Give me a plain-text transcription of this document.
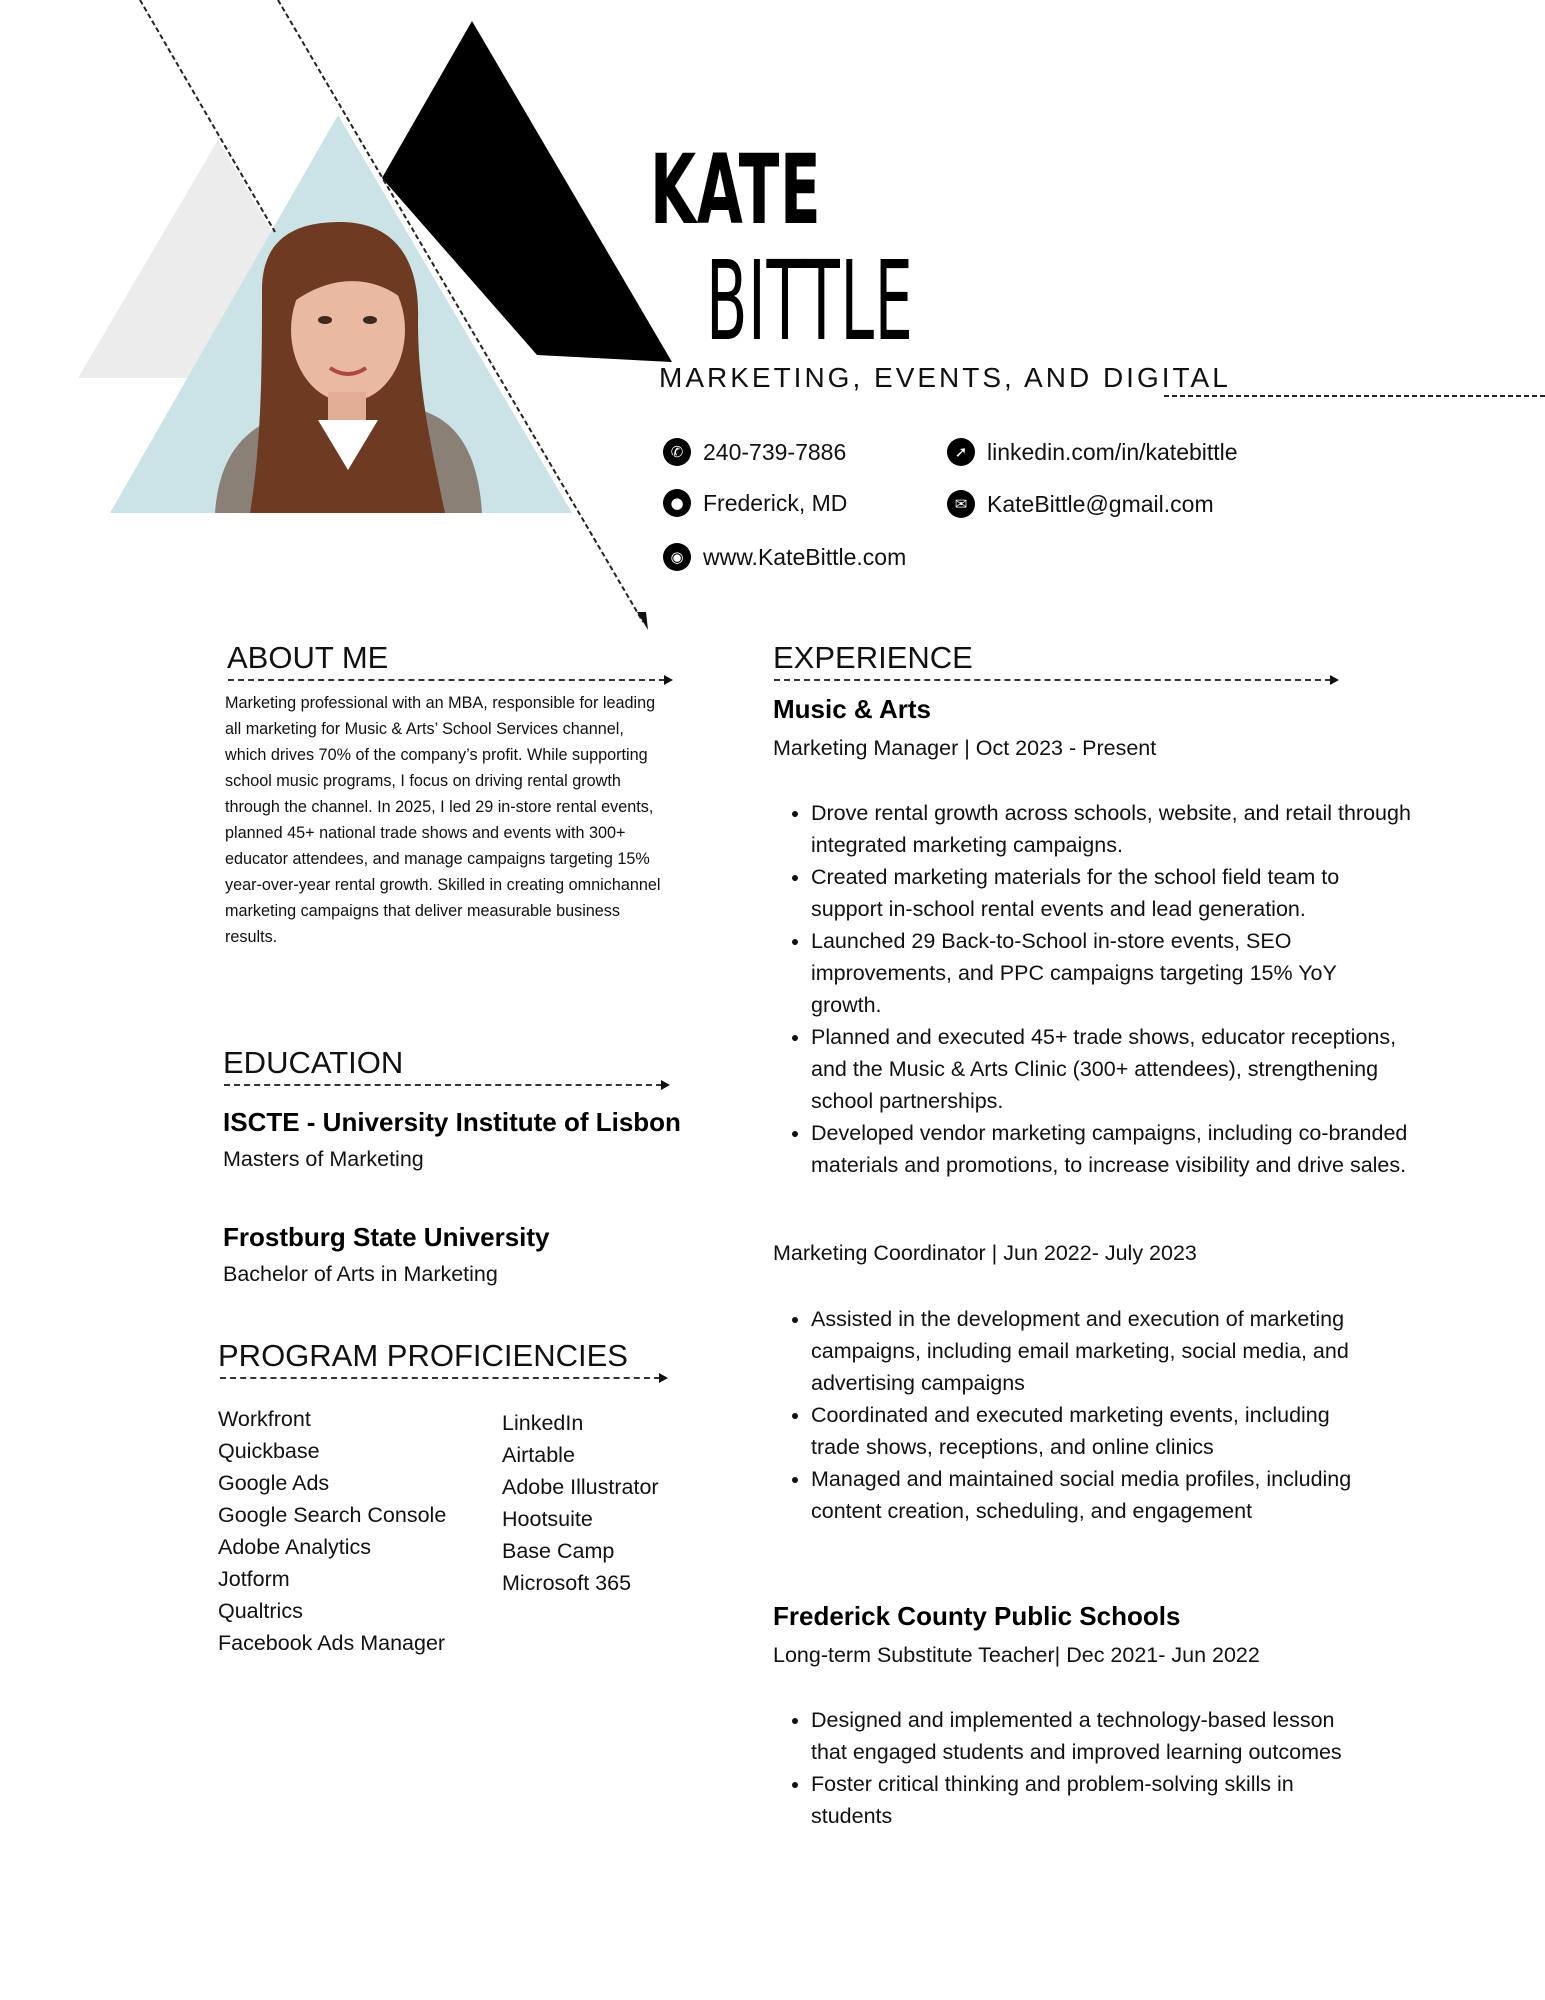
KATE
BITTLE
MARKETING, EVENTS, AND DIGITAL
✆ 240-739-7886
● Frederick, MD
◉ www.KateBittle.com
➚ linkedin.com/in/katebittle
✉ KateBittle@gmail.com
ABOUT ME
Marketing professional with an MBA, responsible for leading all marketing for Music & Arts’ School Services channel, which drives 70% of the company’s profit. While supporting school music programs, I focus on driving rental growth through the channel. In 2025, I led 29 in-store rental events, planned 45+ national trade shows and events with 300+ educator attendees, and manage campaigns targeting 15% year-over-year rental growth. Skilled in creating omnichannel marketing campaigns that deliver measurable business results.
EDUCATION
ISCTE - University Institute of Lisbon
Masters of Marketing
Frostburg State University
Bachelor of Arts in Marketing
PROGRAM PROFICIENCIES
Workfront
Quickbase
Google Ads
Google Search Console
Adobe Analytics
Jotform
Qualtrics
Facebook Ads Manager
LinkedIn
Airtable
Adobe Illustrator
Hootsuite
Base Camp
Microsoft 365
EXPERIENCE
Music & Arts
Marketing Manager | Oct 2023 - Present
• Drove rental growth across schools, website, and retail through integrated marketing campaigns.
• Created marketing materials for the school field team to support in-school rental events and lead generation.
• Launched 29 Back-to-School in-store events, SEO improvements, and PPC campaigns targeting 15% YoY growth.
• Planned and executed 45+ trade shows, educator receptions, and the Music & Arts Clinic (300+ attendees), strengthening school partnerships.
• Developed vendor marketing campaigns, including co-branded materials and promotions, to increase visibility and drive sales.
Marketing Coordinator | Jun 2022- July 2023
• Assisted in the development and execution of marketing campaigns, including email marketing, social media, and advertising campaigns
• Coordinated and executed marketing events, including trade shows, receptions, and online clinics
• Managed and maintained social media profiles, including content creation, scheduling, and engagement
Frederick County Public Schools
Long-term Substitute Teacher| Dec 2021- Jun 2022
• Designed and implemented a technology-based lesson that engaged students and improved learning outcomes
• Foster critical thinking and problem-solving skills in students
